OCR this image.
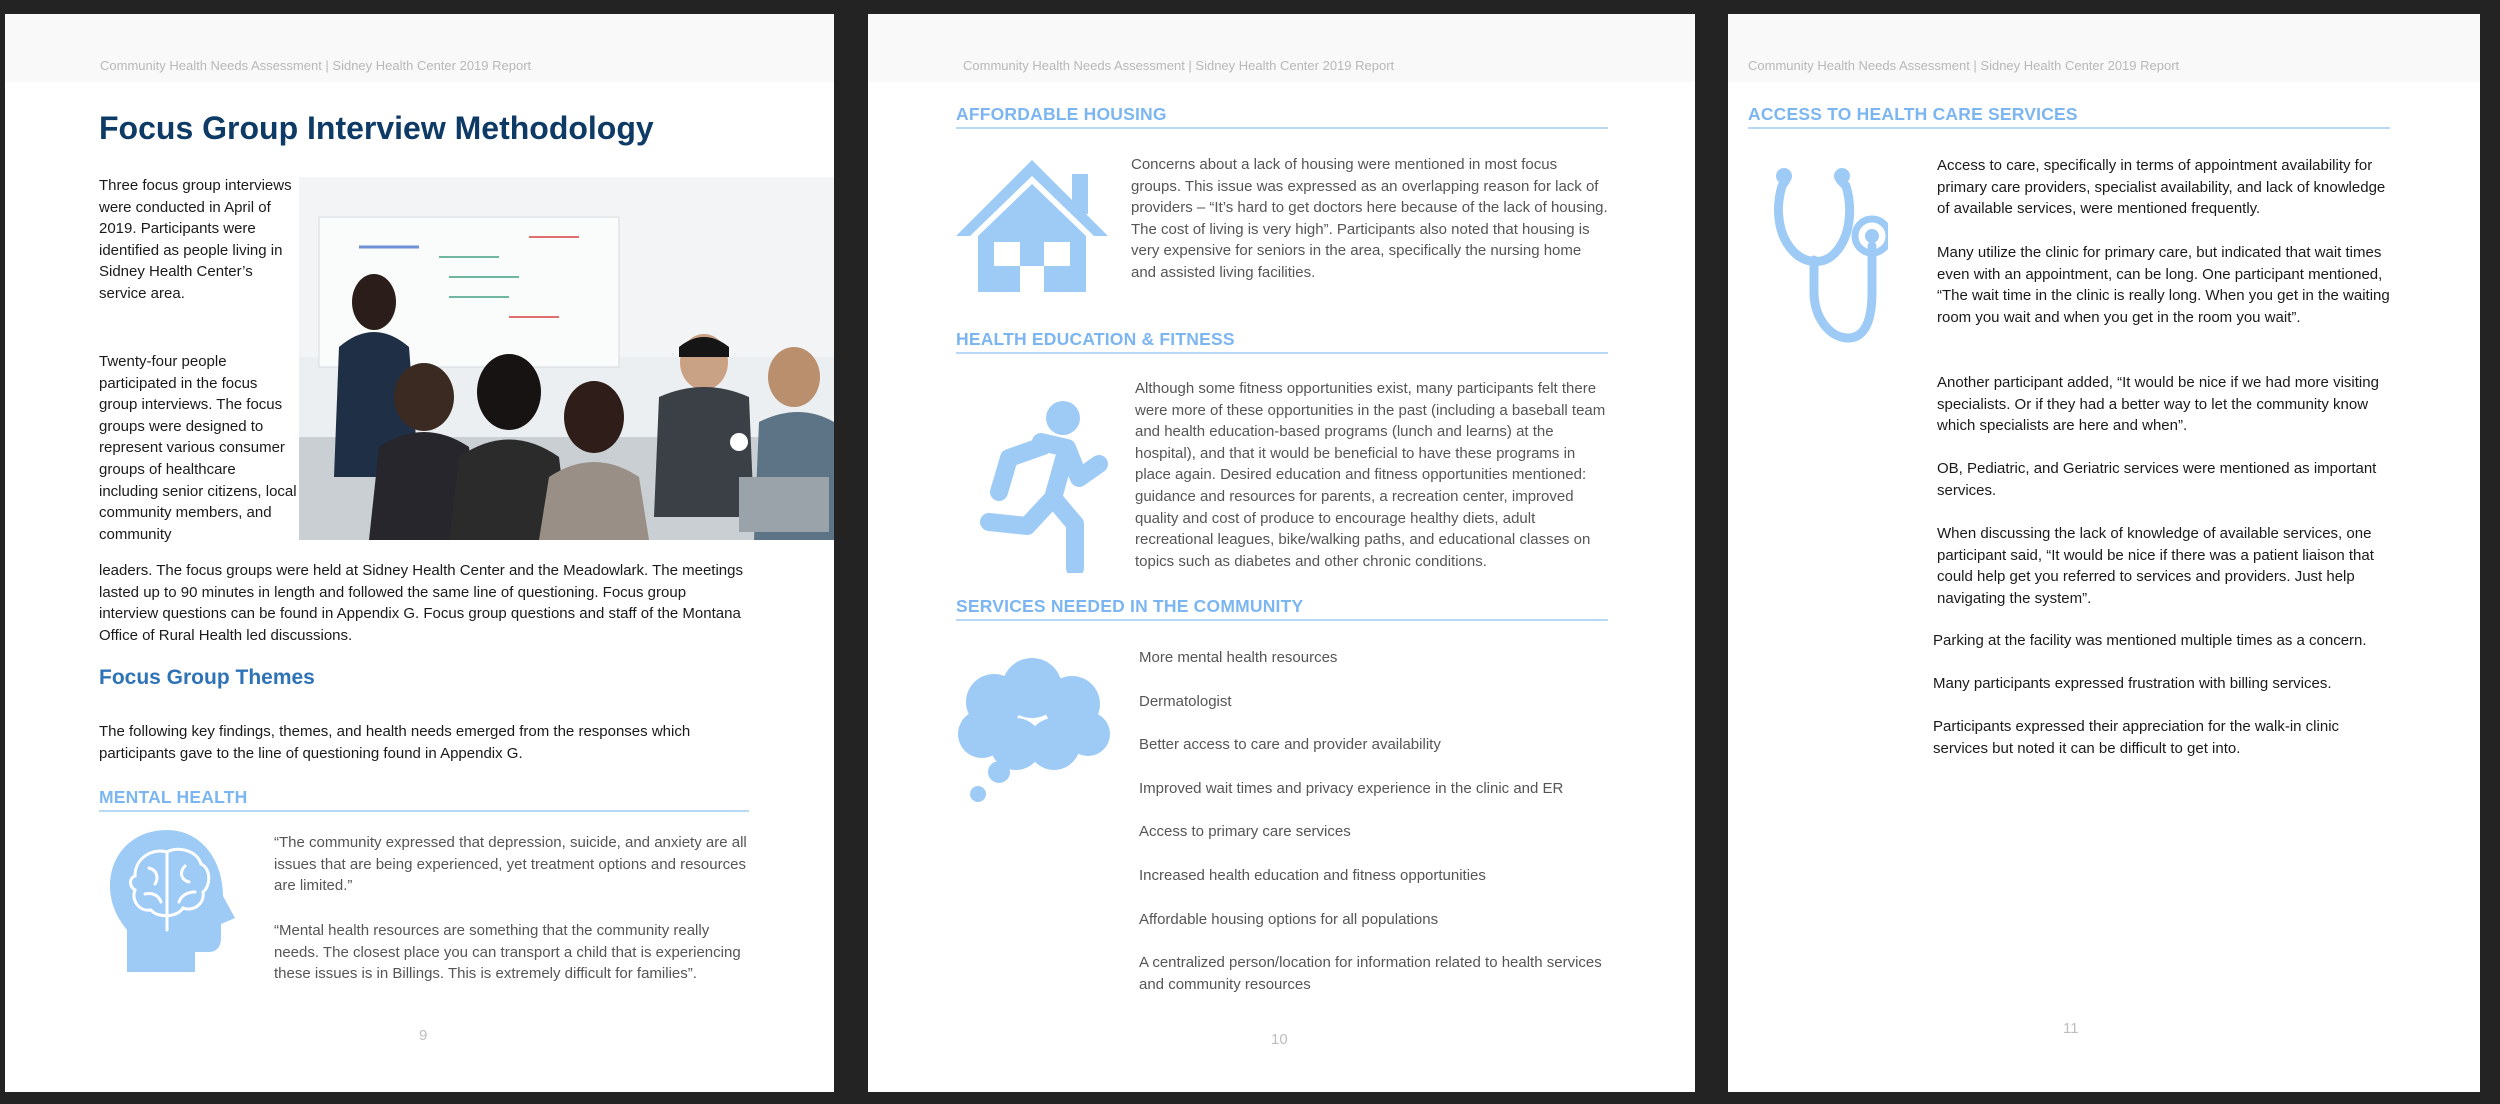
Community Health Needs Assessment | Sidney Health Center 2019 Report
Focus Group Interview Methodology

Three focus group interviews were conducted in April of 2019. Participants were identified as people living in Sidney Health Center’s service area.

Twenty-four people participated in the focus group interviews. The focus groups were designed to represent various consumer groups of healthcare including senior citizens, local community members, and community

leaders. The focus groups were held at Sidney Health Center and the Meadowlark. The meetings lasted up to 90 minutes in length and followed the same line of questioning. Focus group interview questions can be found in Appendix G. Focus group questions and staff of the Montana Office of Rural Health led discussions.

Focus Group Themes

The following key findings, themes, and health needs emerged from the responses which participants gave to the line of questioning found in Appendix G.

MENTAL HEALTH

“The community expressed that depression, suicide, and anxiety are all issues that are being experienced, yet treatment options and resources are limited.”

“Mental health resources are something that the community really needs. The closest place you can transport a child that is experiencing these issues is in Billings. This is extremely difficult for families”.

9
Community Health Needs Assessment | Sidney Health Center 2019 Report
AFFORDABLE HOUSING

Concerns about a lack of housing were mentioned in most focus groups. This issue was expressed as an overlapping reason for lack of providers – “It’s hard to get doctors here because of the lack of housing. The cost of living is very high”. Participants also noted that housing is very expensive for seniors in the area, specifically the nursing home and assisted living facilities.

HEALTH EDUCATION & FITNESS

Although some fitness opportunities exist, many participants felt there were more of these opportunities in the past (including a baseball team and health education-based programs (lunch and learns) at the hospital), and that it would be beneficial to have these programs in place again. Desired education and fitness opportunities mentioned: guidance and resources for parents, a recreation center, improved quality and cost of produce to encourage healthy diets, adult recreational leagues, bike/walking paths, and educational classes on topics such as diabetes and other chronic conditions.

SERVICES NEEDED IN THE COMMUNITY
More mental health resources
Dermatologist
Better access to care and provider availability
Improved wait times and privacy experience in the clinic and ER
Access to primary care services
Increased health education and fitness opportunities
Affordable housing options for all populations
A centralized person/location for information related to health services and community resources
10
Community Health Needs Assessment | Sidney Health Center 2019 Report
ACCESS TO HEALTH CARE SERVICES

Access to care, specifically in terms of appointment availability for primary care providers, specialist availability, and lack of knowledge of available services, were mentioned frequently.

Many utilize the clinic for primary care, but indicated that wait times even with an appointment, can be long. One participant mentioned, “The wait time in the clinic is really long. When you get in the waiting room you wait and when you get in the room you wait”.

Another participant added, “It would be nice if we had more visiting specialists. Or if they had a better way to let the community know which specialists are here and when”.

OB, Pediatric, and Geriatric services were mentioned as important services.

When discussing the lack of knowledge of available services, one participant said, “It would be nice if there was a patient liaison that could help get you referred to services and providers. Just help navigating the system”.

Parking at the facility was mentioned multiple times as a concern.

Many participants expressed frustration with billing services.

Participants expressed their appreciation for the walk-in clinic services but noted it can be difficult to get into.

11
